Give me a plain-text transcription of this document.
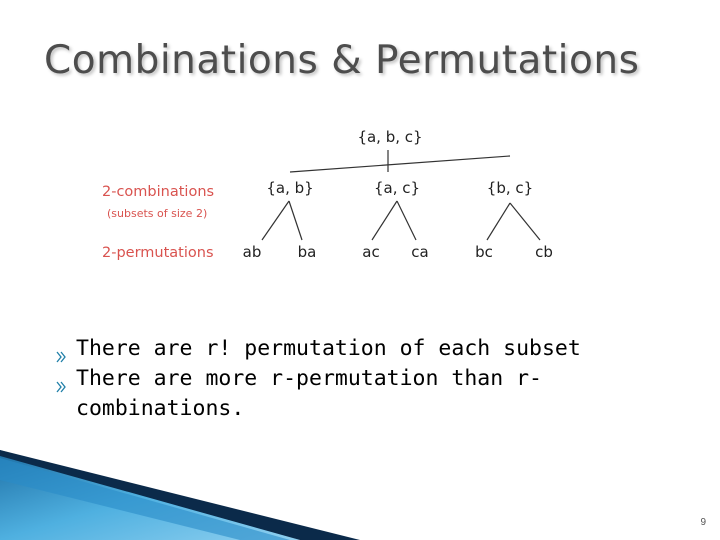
Combinations & Permutations
{a, b, c}
{a, b}	{a, c}	{b, c}
ab ba	ac ca	bc	cb
2-combinations
(subsets of size 2)
2-permutations
There are r! permutation of each subset
There are more r-permutation than r-combinations.
9
